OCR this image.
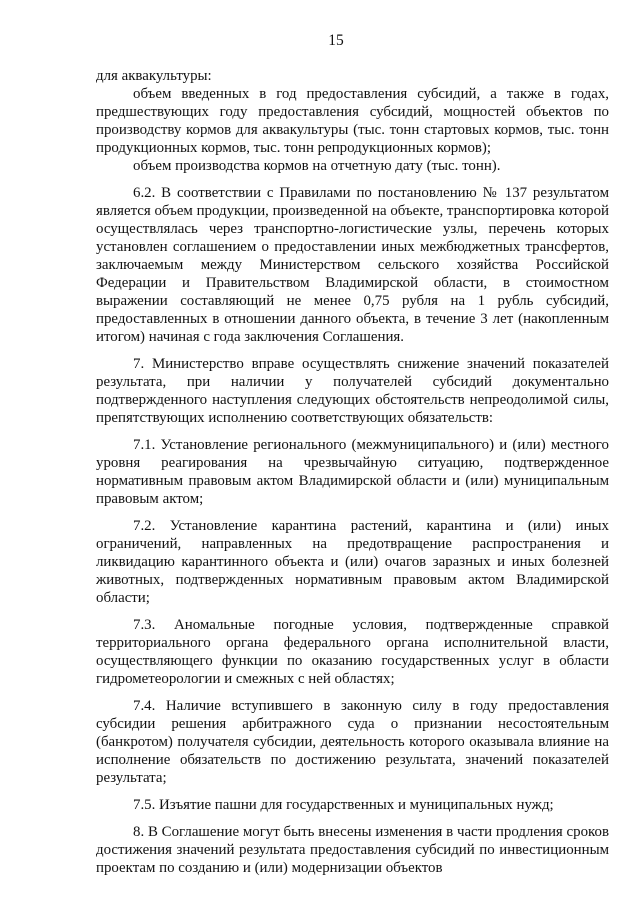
15

для аквакультуры:

объем введенных в год предоставления субсидий, а также в годах, предшествующих году предоставления субсидий, мощностей объектов по производству кормов для аквакультуры (тыс. тонн стартовых кормов, тыс. тонн продукционных кормов, тыс. тонн репродукционных кормов);

объем производства кормов на отчетную дату (тыс. тонн).

6.2. В соответствии с Правилами по постановлению № 137 результатом является объем продукции, произведенной на объекте, транспортировка которой осуществлялась через транспортно-логистические узлы, перечень которых установлен соглашением о предоставлении иных межбюджетных трансфертов, заключаемым между Министерством сельского хозяйства Российской Федерации и Правительством Владимирской области, в стоимостном выражении составляющий не менее 0,75 рубля на 1 рубль субсидий, предоставленных в отношении данного объекта, в течение 3 лет (накопленным итогом) начиная с года заключения Соглашения.

7. Министерство вправе осуществлять снижение значений показателей результата, при наличии у получателей субсидий документально подтвержденного наступления следующих обстоятельств непреодолимой силы, препятствующих исполнению соответствующих обязательств:

7.1. Установление регионального (межмуниципального) и (или) местного уровня реагирования на чрезвычайную ситуацию, подтвержденное нормативным правовым актом Владимирской области и (или) муниципальным правовым актом;

7.2. Установление карантина растений, карантина и (или) иных ограничений, направленных на предотвращение распространения и ликвидацию карантинного объекта и (или) очагов заразных и иных болезней животных, подтвержденных нормативным правовым актом Владимирской области;

7.3. Аномальные погодные условия, подтвержденные справкой территориального органа федерального органа исполнительной власти, осуществляющего функции по оказанию государственных услуг в области гидрометеорологии и смежных с ней областях;

7.4. Наличие вступившего в законную силу в году предоставления субсидии решения арбитражного суда о признании несостоятельным (банкротом) получателя субсидии, деятельность которого оказывала влияние на исполнение обязательств по достижению результата, значений показателей результата;

7.5. Изъятие пашни для государственных и муниципальных нужд;

8. В Соглашение могут быть внесены изменения в части продления сроков достижения значений результата предоставления субсидий по инвестиционным проектам по созданию и (или) модернизации объектов
